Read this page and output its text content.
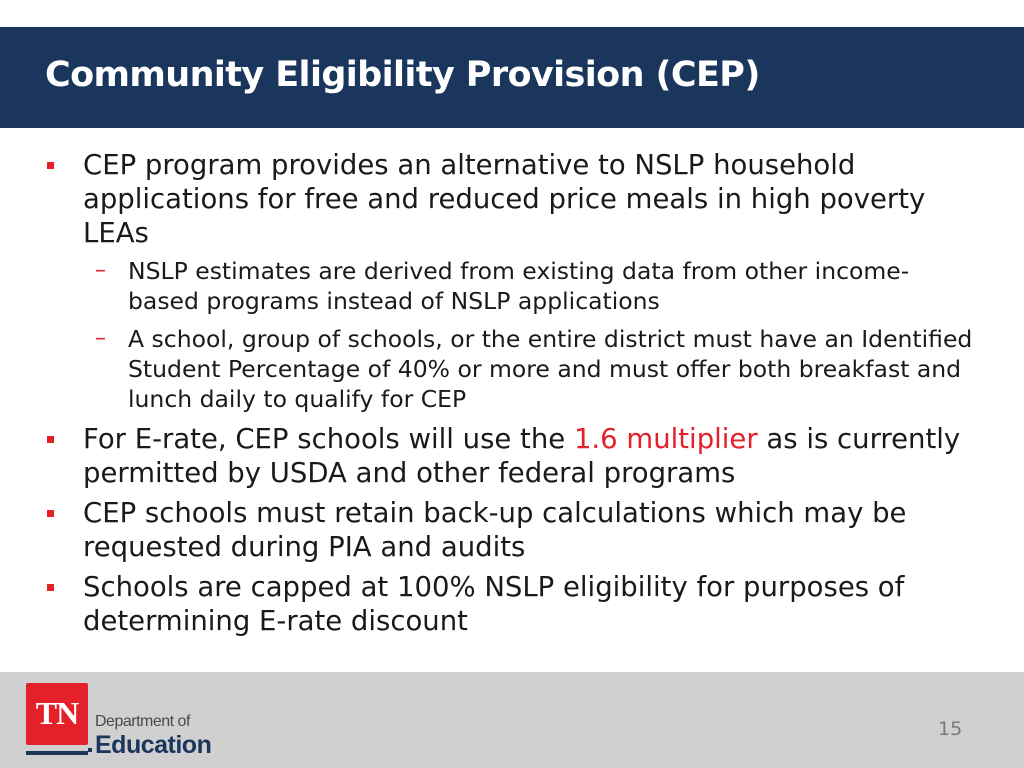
Community Eligibility Provision (CEP)
CEP program provides an alternative to NSLP household applications for free and reduced price meals in high poverty LEAs
– NSLP estimates are derived from existing data from other income-based programs instead of NSLP applications
– A school, group of schools, or the entire district must have an Identified Student Percentage of 40% or more and must offer both breakfast and lunch daily to qualify for CEP
For E-rate, CEP schools will use the 1.6 multiplier as is currently permitted by USDA and other federal programs
CEP schools must retain back-up calculations which may be requested during PIA and audits
Schools are capped at 100% NSLP eligibility for purposes of determining E-rate discount
TN	Department of
Education
15
